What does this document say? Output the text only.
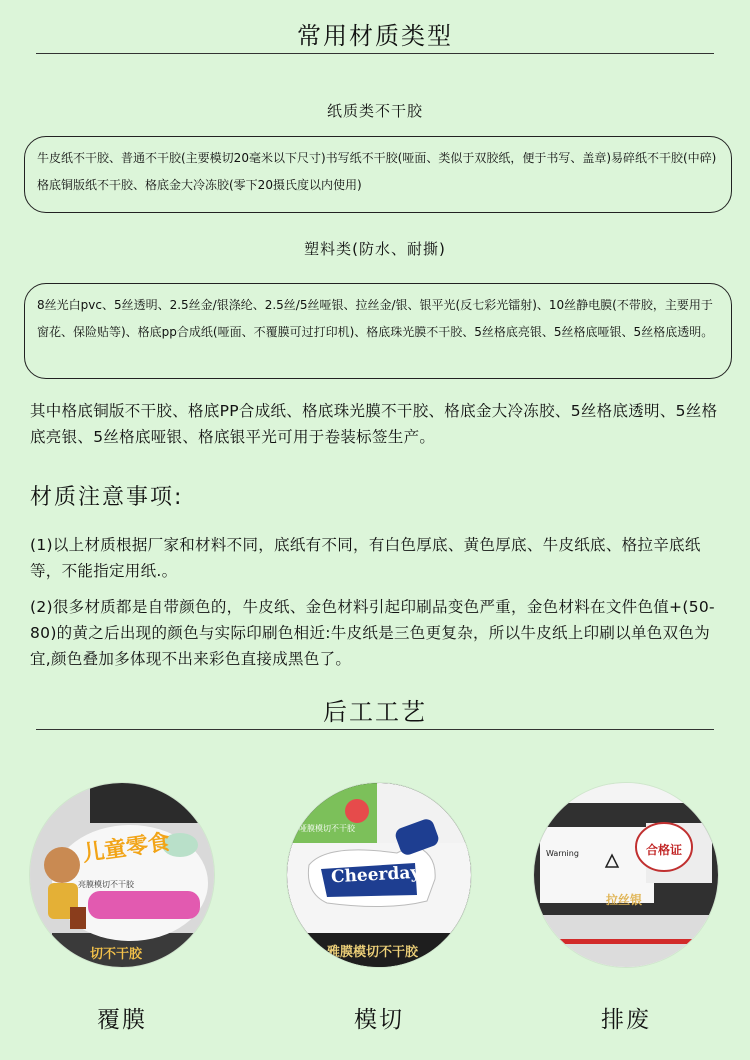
常用材质类型
纸质类不干胶
牛皮纸不干胶、普通不干胶(主要模切20毫米以下尺寸)书写纸不干胶(哑面、类似于双胶纸，便于书写、盖章)易碎纸不干胶(中碎)格底铜版纸不干胶、格底金大冷冻胶(零下20摄氏度以内使用)
塑料类(防水、耐撕)
8丝光白pvc、5丝透明、2.5丝金/银涤纶、2.5丝/5丝哑银、拉丝金/银、银平光(反七彩光镭射)、10丝静电膜(不带胶，主要用于窗花、保险贴等)、格底pp合成纸(哑面、不覆膜可过打印机)、格底珠光膜不干胶、5丝格底亮银、5丝格底哑银、5丝格底透明。
其中格底铜版不干胶、格底PP合成纸、格底珠光膜不干胶、格底金大冷冻胶、5丝格底透明、5丝格底亮银、5丝格底哑银、格底银平光可用于卷装标签生产。
材质注意事项:
(1)以上材质根据厂家和材料不同，底纸有不同，有白色厚底、黄色厚底、牛皮纸底、格拉辛底纸等，不能指定用纸.。
(2)很多材质都是自带颜色的，牛皮纸、金色材料引起印刷品变色严重，金色材料在文件色值+(50-80)的黄之后出现的颜色与实际印刷色相近:牛皮纸是三色更复杂，所以牛皮纸上印刷以单色双色为宜,颜色叠加多体现不出来彩色直接成黑色了。
后工工艺
儿童零食
亮膜模切不干胶
切不干胶
覆膜
Cheerday
哑膜模切不干胶
雅膜模切不干胶
模切
合格证
Warning
拉丝银
排废
